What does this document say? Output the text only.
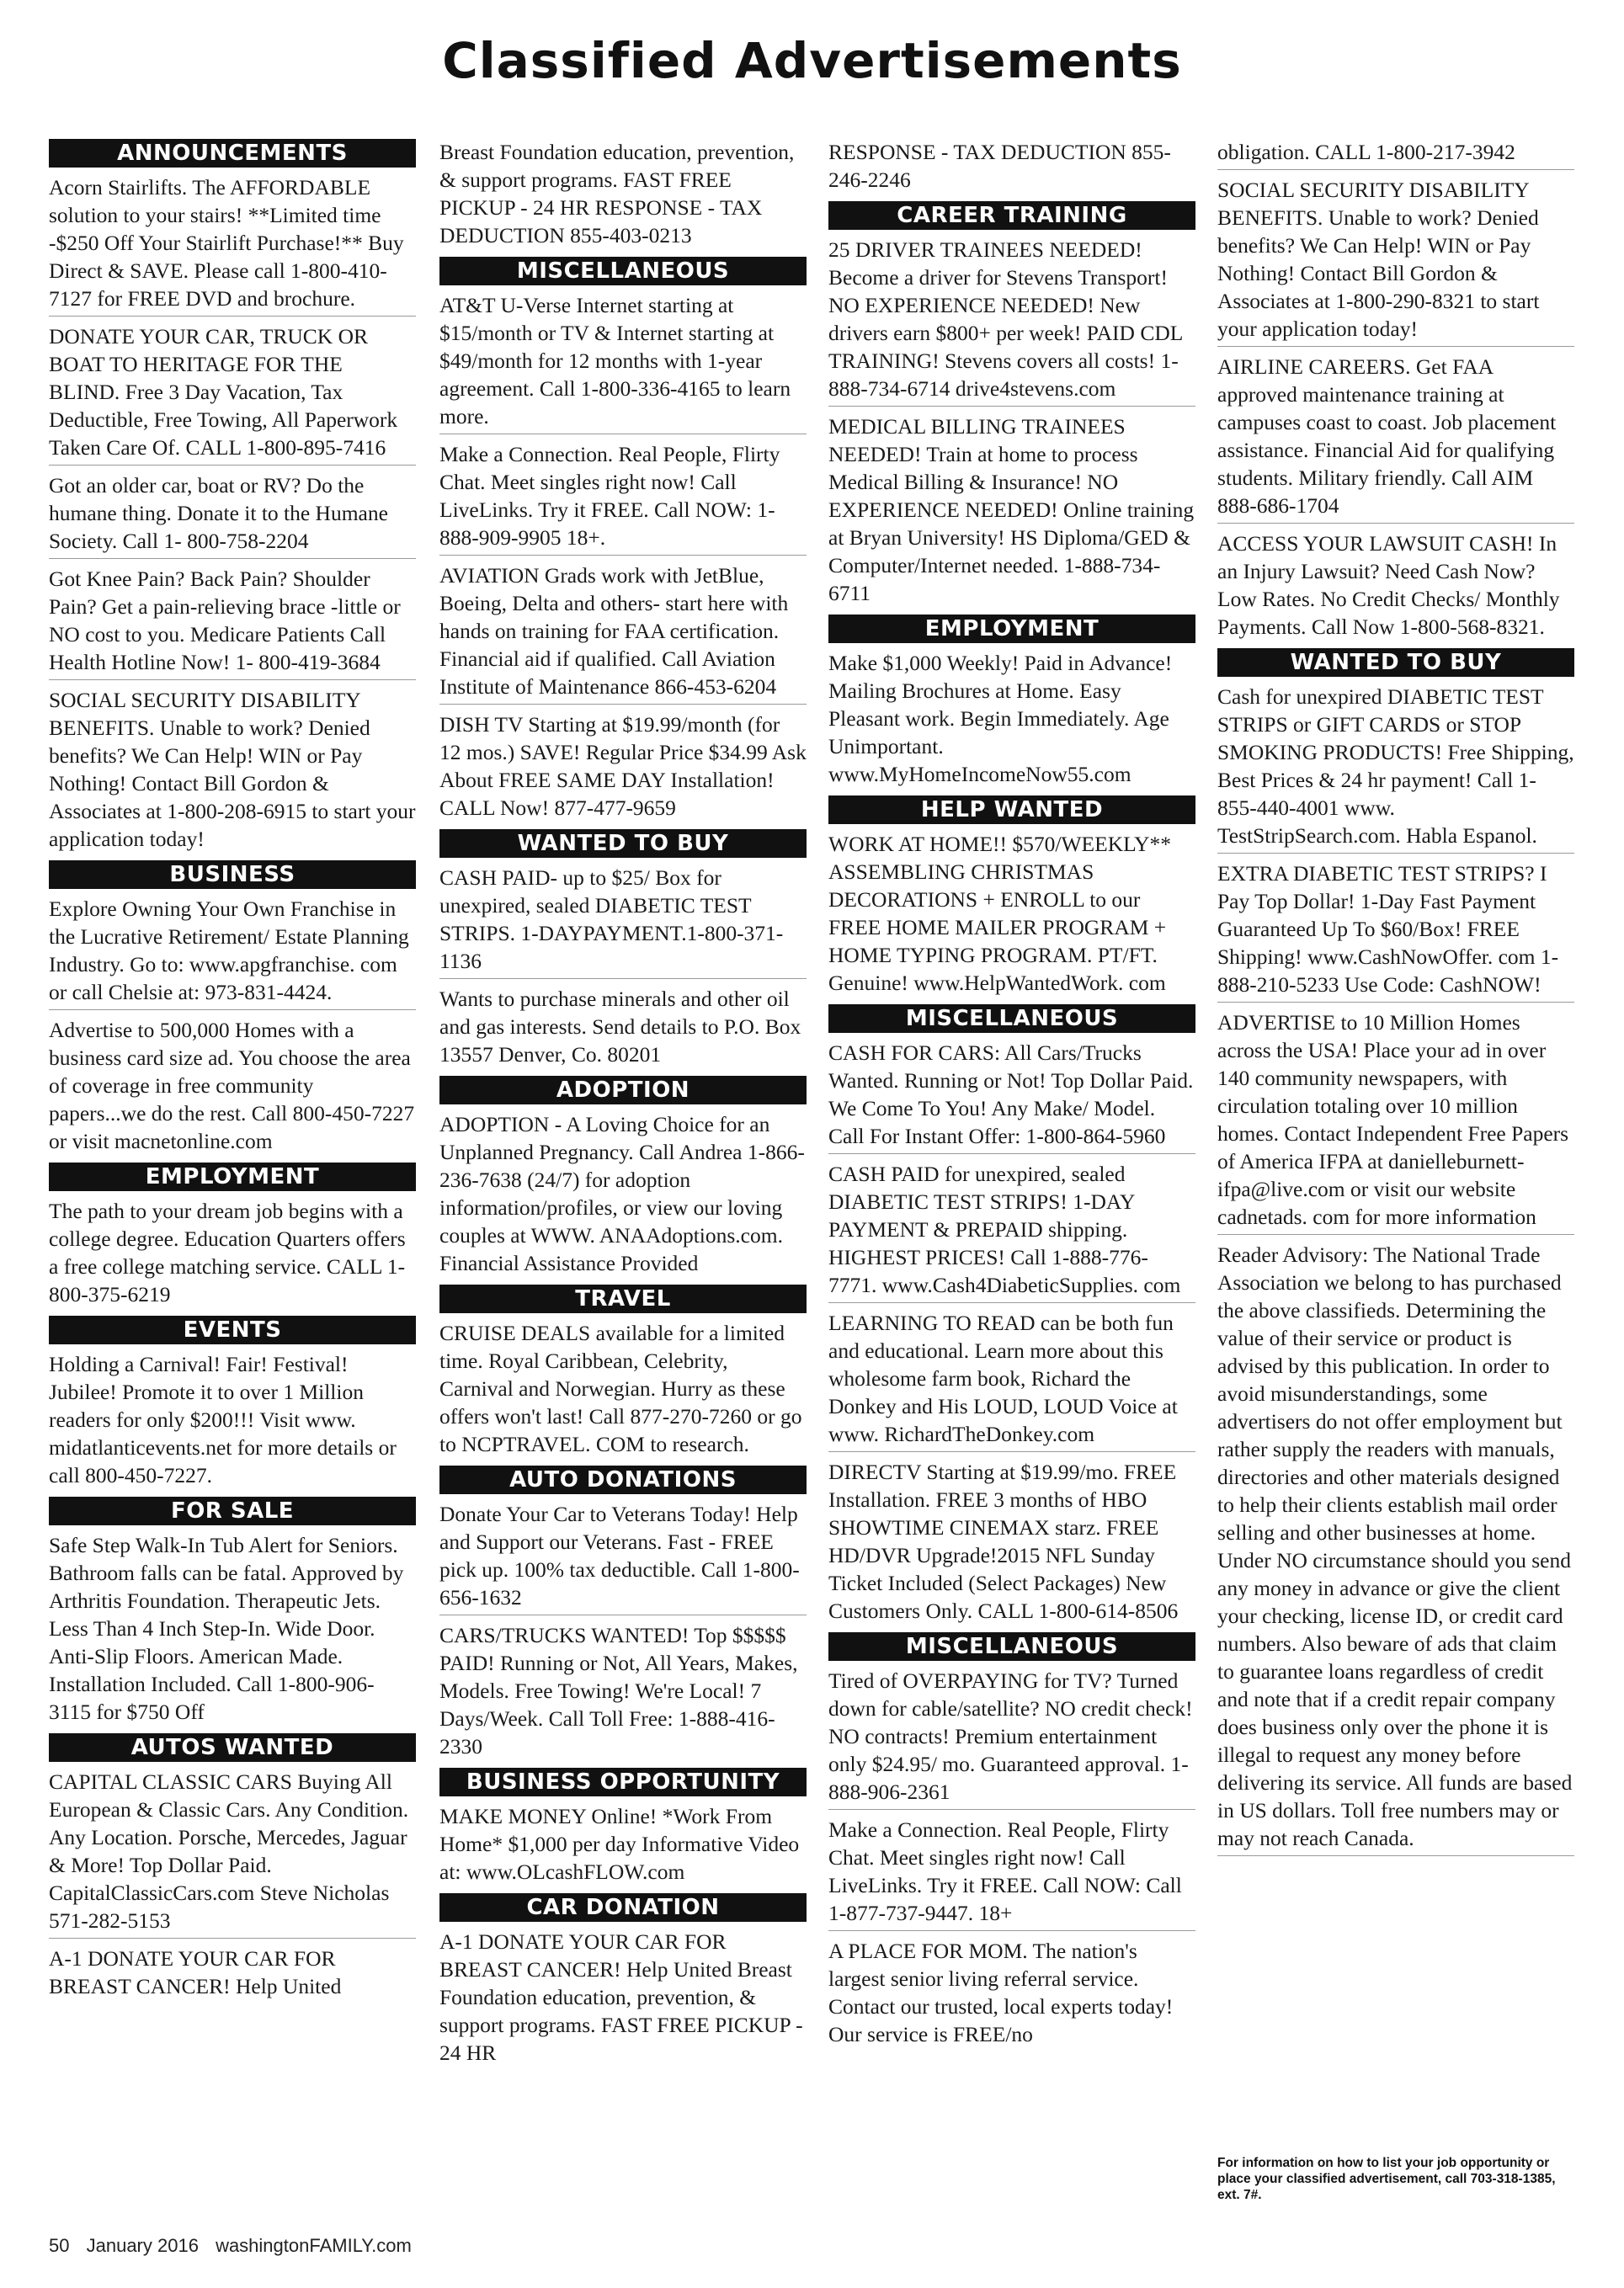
Classified Advertisements
ANNOUNCEMENTS
Acorn Stairlifts. The AFFORDABLE solution to your stairs! **Limited time -$250 Off Your Stairlift Purchase!** Buy Direct & SAVE. Please call 1-800-410-7127 for FREE DVD and brochure.
DONATE YOUR CAR, TRUCK OR BOAT TO HERITAGE FOR THE BLIND. Free 3 Day Vacation, Tax Deductible, Free Towing, All Paperwork Taken Care Of. CALL 1-800-895-7416
Got an older car, boat or RV? Do the humane thing. Donate it to the Humane Society. Call 1- 800-758-2204
Got Knee Pain? Back Pain? Shoulder Pain? Get a pain-relieving brace -little or NO cost to you. Medicare Patients Call Health Hotline Now! 1- 800-419-3684
SOCIAL SECURITY DISABILITY BENEFITS. Unable to work? Denied benefits? We Can Help! WIN or Pay Nothing! Contact Bill Gordon & Associates at 1-800-208-6915 to start your application today!
BUSINESS
Explore Owning Your Own Franchise in the Lucrative Retirement/ Estate Planning Industry. Go to: www.apgfranchise. com or call Chelsie at: 973-831-4424.
Advertise to 500,000 Homes with a business card size ad. You choose the area of coverage in free community papers...we do the rest. Call 800-450-7227 or visit macnetonline.com
EMPLOYMENT
The path to your dream job begins with a college degree. Education Quarters offers a free college matching service. CALL 1-800-375-6219
EVENTS
Holding a Carnival! Fair! Festival! Jubilee! Promote it to over 1 Million readers for only $200!!! Visit www. midatlanticevents.net for more details or call 800-450-7227.
FOR SALE
Safe Step Walk-In Tub Alert for Seniors. Bathroom falls can be fatal. Approved by Arthritis Foundation. Therapeutic Jets. Less Than 4 Inch Step-In. Wide Door. Anti-Slip Floors. American Made. Installation Included. Call 1-800-906-3115 for $750 Off
AUTOS WANTED
CAPITAL CLASSIC CARS Buying All European & Classic Cars. Any Condition. Any Location. Porsche, Mercedes, Jaguar & More! Top Dollar Paid. CapitalClassicCars.com Steve Nicholas 571-282-5153
A-1 DONATE YOUR CAR FOR BREAST CANCER! Help United
Breast Foundation education, prevention, & support programs. FAST FREE PICKUP - 24 HR RESPONSE - TAX DEDUCTION 855-403-0213
MISCELLANEOUS
AT&T U-Verse Internet starting at $15/month or TV & Internet starting at $49/month for 12 months with 1-year agreement. Call 1-800-336-4165 to learn more.
Make a Connection. Real People, Flirty Chat. Meet singles right now! Call LiveLinks. Try it FREE. Call NOW: 1-888-909-9905 18+.
AVIATION Grads work with JetBlue, Boeing, Delta and others- start here with hands on training for FAA certification. Financial aid if qualified. Call Aviation Institute of Maintenance 866-453-6204
DISH TV Starting at $19.99/month (for 12 mos.) SAVE! Regular Price $34.99 Ask About FREE SAME DAY Installation! CALL Now! 877-477-9659
WANTED TO BUY
CASH PAID- up to $25/ Box for unexpired, sealed DIABETIC TEST STRIPS. 1-DAYPAYMENT.1-800-371-1136
Wants to purchase minerals and other oil and gas interests. Send details to P.O. Box 13557 Denver, Co. 80201
ADOPTION
ADOPTION - A Loving Choice for an Unplanned Pregnancy. Call Andrea 1-866-236-7638 (24/7) for adoption information/profiles, or view our loving couples at WWW. ANAAdoptions.com. Financial Assistance Provided
TRAVEL
CRUISE DEALS available for a limited time. Royal Caribbean, Celebrity, Carnival and Norwegian. Hurry as these offers won't last! Call 877-270-7260 or go to NCPTRAVEL. COM to research.
AUTO DONATIONS
Donate Your Car to Veterans Today! Help and Support our Veterans. Fast - FREE pick up. 100% tax deductible. Call 1-800-656-1632
CARS/TRUCKS WANTED! Top $$$$$ PAID! Running or Not, All Years, Makes, Models. Free Towing! We're Local! 7 Days/Week. Call Toll Free: 1-888-416-2330
BUSINESS OPPORTUNITY
MAKE MONEY Online! *Work From Home* $1,000 per day Informative Video at: www.OLcashFLOW.com
CAR DONATION
A-1 DONATE YOUR CAR FOR BREAST CANCER! Help United Breast Foundation education, prevention, & support programs. FAST FREE PICKUP - 24 HR
RESPONSE - TAX DEDUCTION 855-246-2246
CAREER TRAINING
25 DRIVER TRAINEES NEEDED! Become a driver for Stevens Transport! NO EXPERIENCE NEEDED! New drivers earn $800+ per week! PAID CDL TRAINING! Stevens covers all costs! 1-888-734-6714 drive4stevens.com
MEDICAL BILLING TRAINEES NEEDED! Train at home to process Medical Billing & Insurance! NO EXPERIENCE NEEDED! Online training at Bryan University! HS Diploma/GED & Computer/Internet needed. 1-888-734-6711
EMPLOYMENT
Make $1,000 Weekly! Paid in Advance! Mailing Brochures at Home. Easy Pleasant work. Begin Immediately. Age Unimportant. www.MyHomeIncomeNow55.com
HELP WANTED
WORK AT HOME!! $570/WEEKLY** ASSEMBLING CHRISTMAS DECORATIONS + ENROLL to our FREE HOME MAILER PROGRAM + HOME TYPING PROGRAM. PT/FT. Genuine! www.HelpWantedWork. com
MISCELLANEOUS
CASH FOR CARS: All Cars/Trucks Wanted. Running or Not! Top Dollar Paid. We Come To You! Any Make/ Model. Call For Instant Offer: 1-800-864-5960
CASH PAID for unexpired, sealed DIABETIC TEST STRIPS! 1-DAY PAYMENT & PREPAID shipping. HIGHEST PRICES! Call 1-888-776-7771. www.Cash4DiabeticSupplies. com
LEARNING TO READ can be both fun and educational. Learn more about this wholesome farm book, Richard the Donkey and His LOUD, LOUD Voice at www. RichardTheDonkey.com
DIRECTV Starting at $19.99/mo. FREE Installation. FREE 3 months of HBO SHOWTIME CINEMAX starz. FREE HD/DVR Upgrade!2015 NFL Sunday Ticket Included (Select Packages) New Customers Only. CALL 1-800-614-8506
MISCELLANEOUS
Tired of OVERPAYING for TV? Turned down for cable/satellite? NO credit check! NO contracts! Premium entertainment only $24.95/ mo. Guaranteed approval. 1-888-906-2361
Make a Connection. Real People, Flirty Chat. Meet singles right now! Call LiveLinks. Try it FREE. Call NOW: Call 1-877-737-9447. 18+
A PLACE FOR MOM. The nation's largest senior living referral service. Contact our trusted, local experts today! Our service is FREE/no
obligation. CALL 1-800-217-3942
SOCIAL SECURITY DISABILITY BENEFITS. Unable to work? Denied benefits? We Can Help! WIN or Pay Nothing! Contact Bill Gordon & Associates at 1-800-290-8321 to start your application today!
AIRLINE CAREERS. Get FAA approved maintenance training at campuses coast to coast. Job placement assistance. Financial Aid for qualifying students. Military friendly. Call AIM 888-686-1704
ACCESS YOUR LAWSUIT CASH! In an Injury Lawsuit? Need Cash Now? Low Rates. No Credit Checks/ Monthly Payments. Call Now 1-800-568-8321.
WANTED TO BUY
Cash for unexpired DIABETIC TEST STRIPS or GIFT CARDS or STOP SMOKING PRODUCTS! Free Shipping, Best Prices & 24 hr payment! Call 1-855-440-4001 www. TestStripSearch.com. Habla Espanol.
EXTRA DIABETIC TEST STRIPS? I Pay Top Dollar! 1-Day Fast Payment Guaranteed Up To $60/Box! FREE Shipping! www.CashNowOffer. com 1-888-210-5233 Use Code: CashNOW!
ADVERTISE to 10 Million Homes across the USA! Place your ad in over 140 community newspapers, with circulation totaling over 10 million homes. Contact Independent Free Papers of America IFPA at danielleburnett-ifpa@live.com or visit our website cadnetads. com for more information
Reader Advisory: The National Trade Association we belong to has purchased the above classifieds. Determining the value of their service or product is advised by this publication. In order to avoid misunderstandings, some advertisers do not offer employment but rather supply the readers with manuals, directories and other materials designed to help their clients establish mail order selling and other businesses at home. Under NO circumstance should you send any money in advance or give the client your checking, license ID, or credit card numbers. Also beware of ads that claim to guarantee loans regardless of credit and note that if a credit repair company does business only over the phone it is illegal to request any money before delivering its service. All funds are based in US dollars. Toll free numbers may or may not reach Canada.
For information on how to list your job opportunity or place your classified advertisement, call 703-318-1385, ext. 7#.
50 January 2016 washingtonFAMILY.com
